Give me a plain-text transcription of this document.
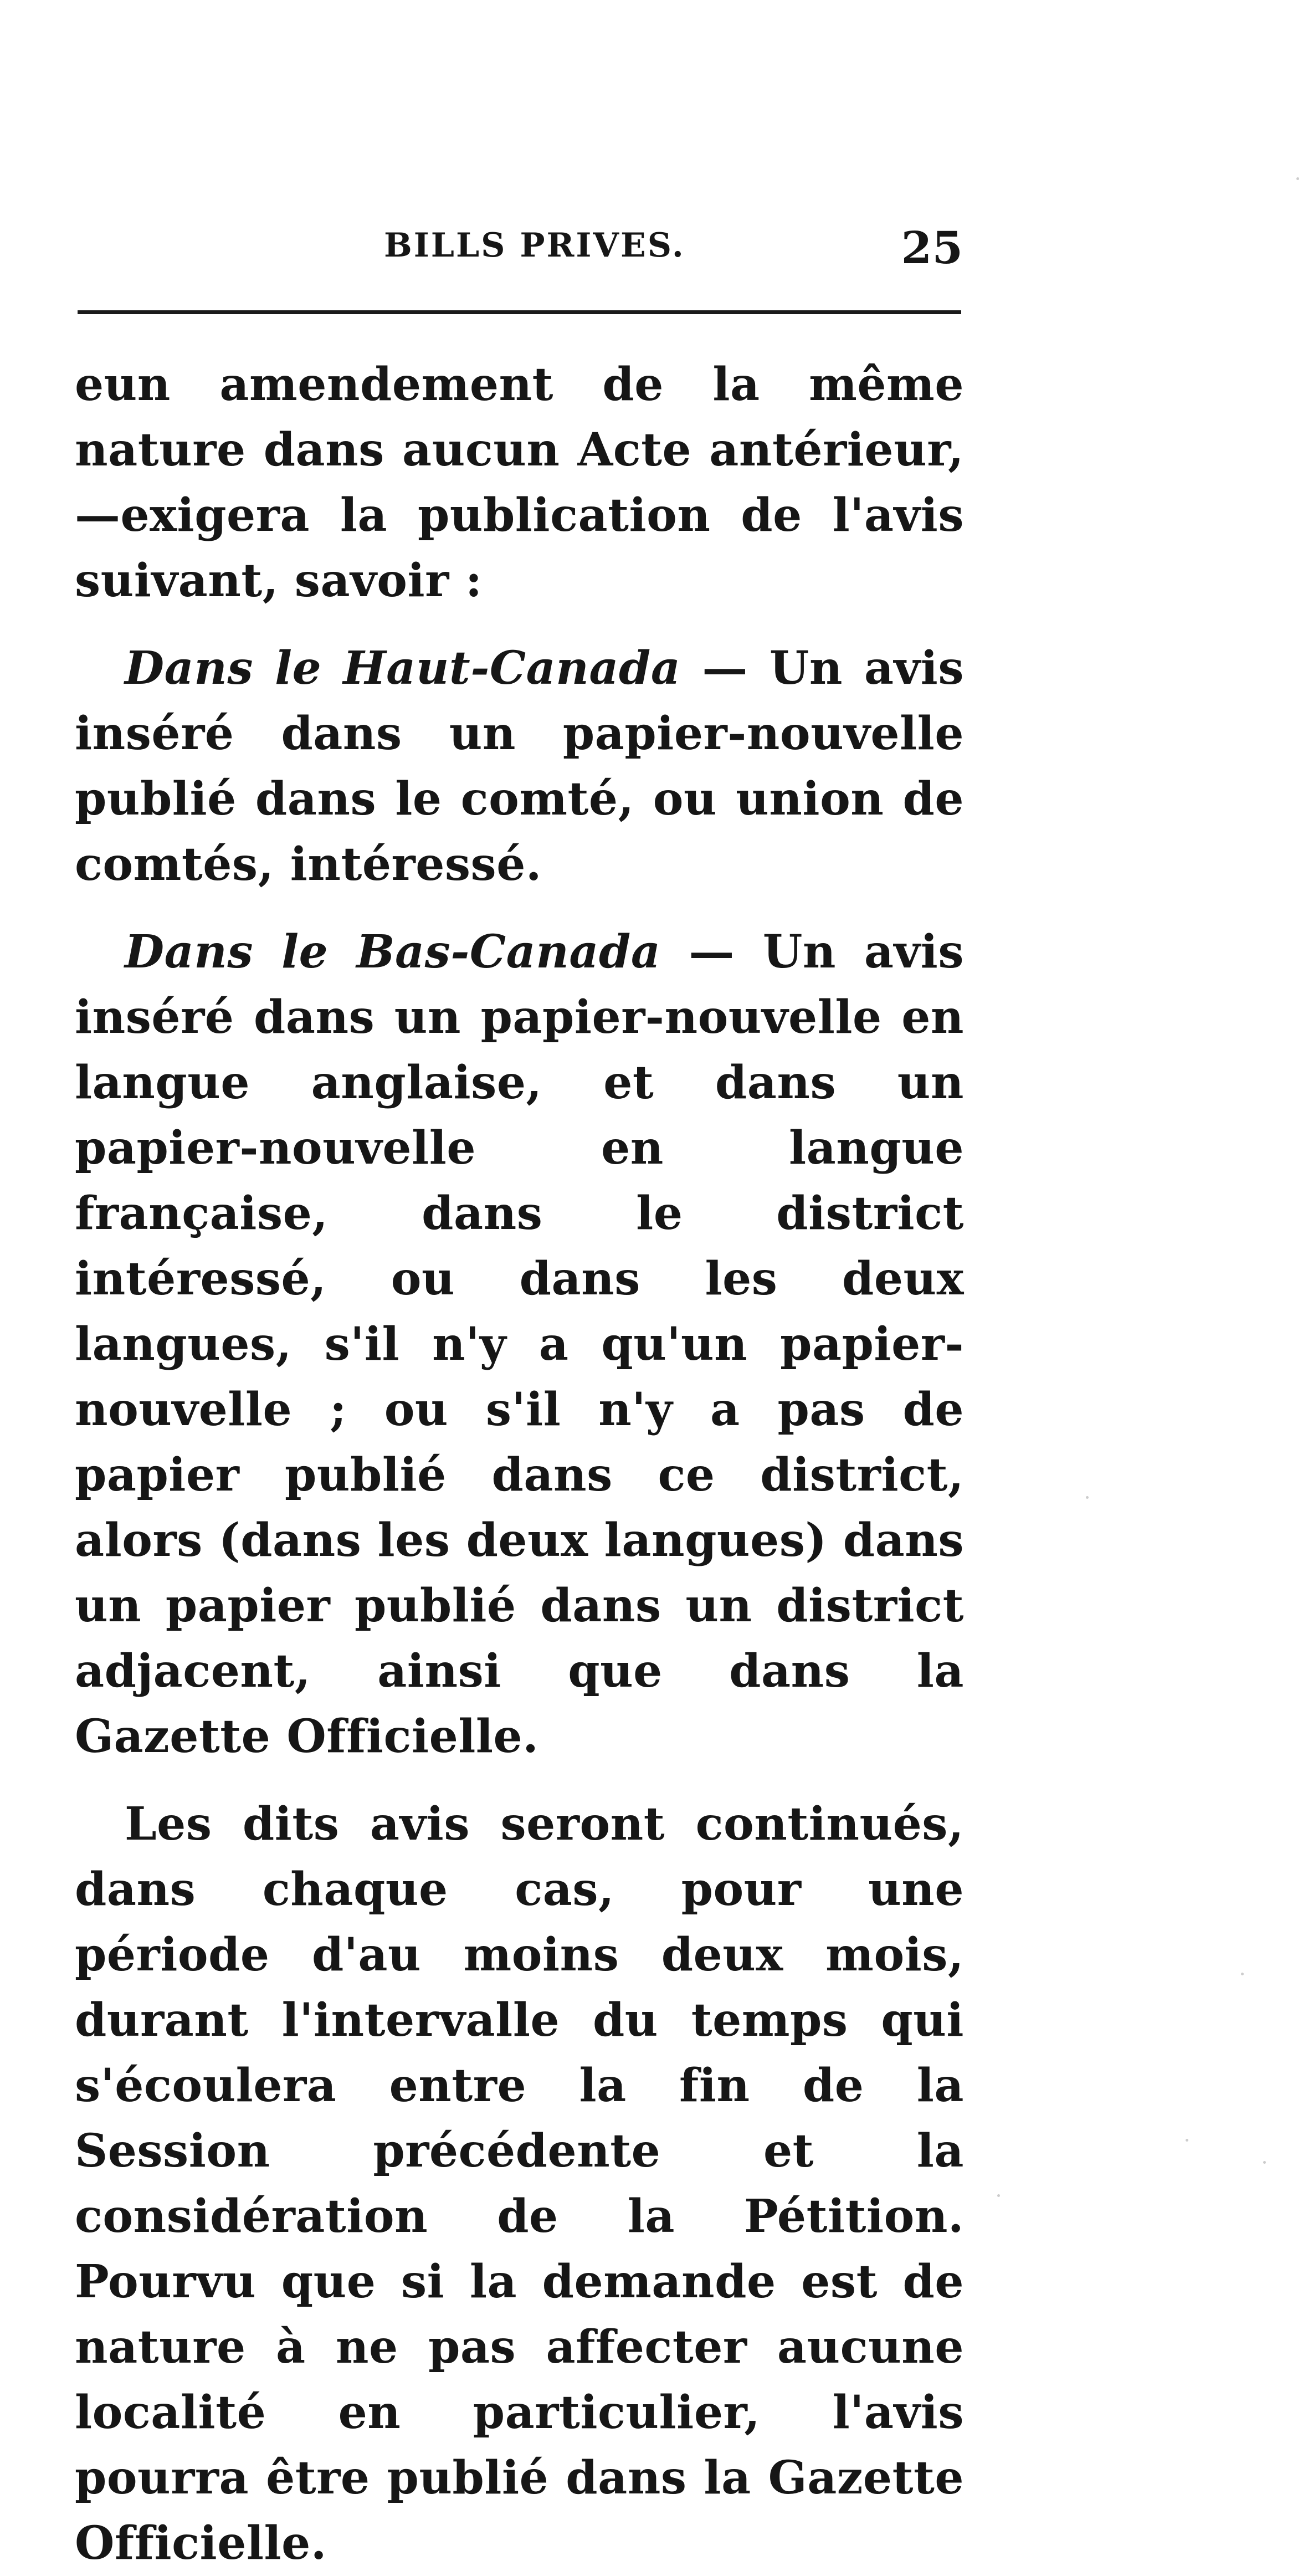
BILLS PRIVES.	25

eun amendement de la même nature dans aucun Acte antérieur,—exigera la publication de l'avis suivant, savoir :

Dans le Haut-Canada — Un avis inséré dans un papier-nouvelle publié dans le comté, ou union de comtés, intéressé.

Dans le Bas-Canada — Un avis inséré dans un papier-nouvelle en langue anglaise, et dans un papier-nouvelle en langue française, dans le district intéressé, ou dans les deux langues, s'il n'y a qu'un papier-nouvelle ; ou s'il n'y a pas de papier publié dans ce district, alors (dans les deux langues) dans un papier publié dans un district adjacent, ainsi que dans la Gazette Officielle.

Les dits avis seront continués, dans chaque cas, pour une période d'au moins deux mois, durant l'intervalle du temps qui s'écoulera entre la fin de la Session précédente et la considération de la Pétition. Pourvu que si la demande est de nature à ne pas affecter aucune localité en particulier, l'avis pourra être publié dans la Gazette Officielle.
